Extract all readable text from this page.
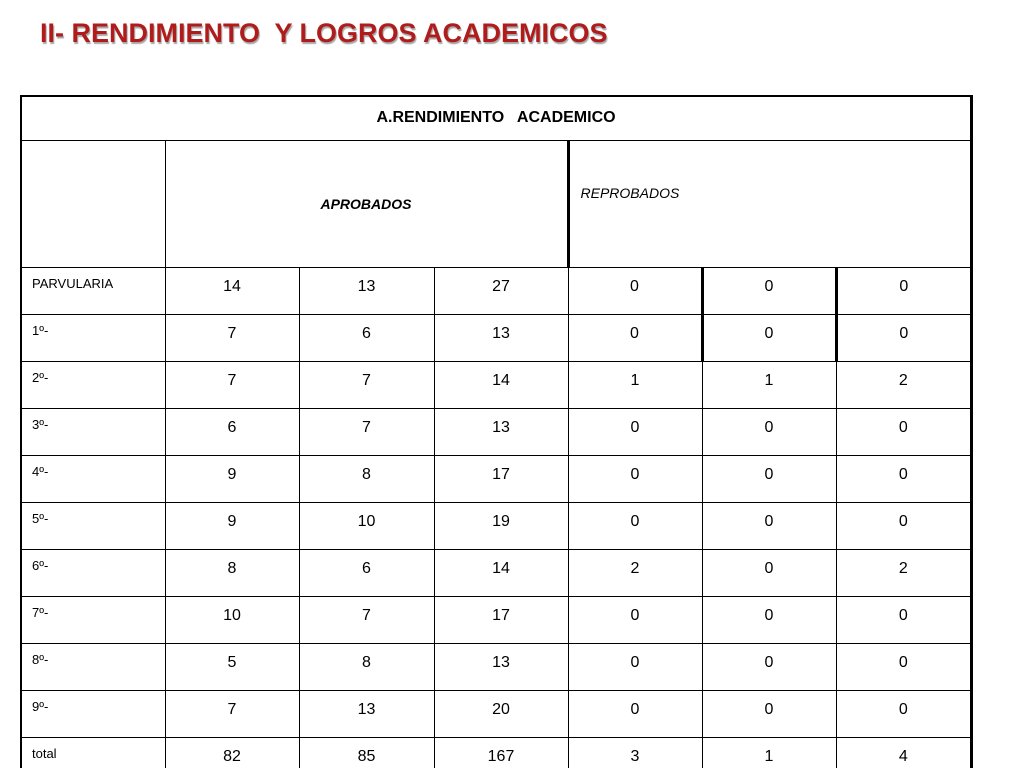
II- RENDIMIENTO  Y LOGROS ACADEMICOS
A.RENDIMIENTO   ACADEMICO						
	APROBADOS			REPROBADOS		
PARVULARIA	14	13	27	0	0	0
1º-	7	6	13	0	0	0
2º-	7	7	14	1	1	2
3º-	6	7	13	0	0	0
4º-	9	8	17	0	0	0
5º-	9	10	19	0	0	0
6º-	8	6	14	2	0	2
7º-	10	7	17	0	0	0
8º-	5	8	13	0	0	0
9º-	7	13	20	0	0	0
total	82	85	167	3	1	4
